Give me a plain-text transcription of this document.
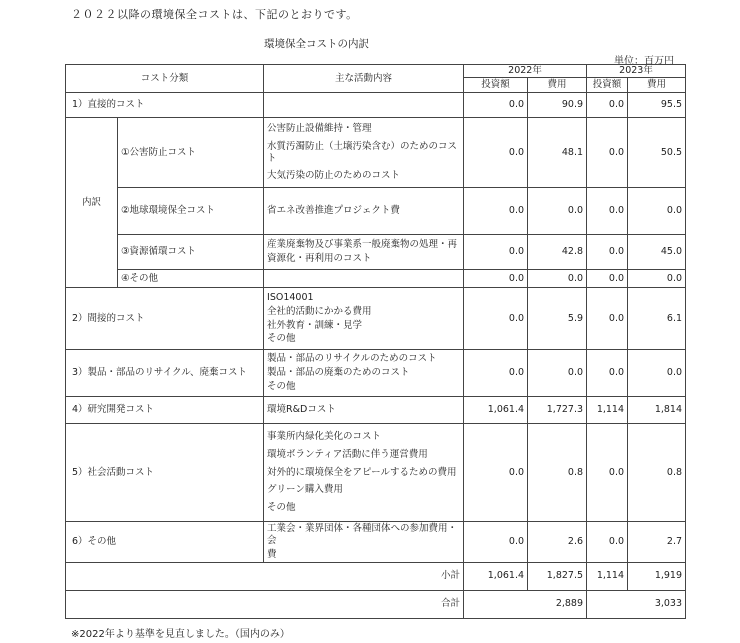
２０２２以降の環境保全コストは、下記のとおりです。
環境保全コストの内訳
単位：百万円
コスト分類		主な活動内容	2022年		2023年	
			投資額	費用	投資額	費用
1）直接的コスト			0.0	90.9	0.0	95.5
内訳	①公害防止コスト	公害防止設備維持・管理
水質汚濁防止（土壌汚染含む）のためのコスト
大気汚染の防止のためのコスト	0.0	48.1	0.0	50.5
	②地球環境保全コスト	省エネ改善推進プロジェクト費	0.0	0.0	0.0	0.0
	③資源循環コスト	産業廃棄物及び事業系一般廃棄物の処理・再
資源化・再利用のコスト	0.0	42.8	0.0	45.0
	④その他		0.0	0.0	0.0	0.0
2）間接的コスト		ISO14001
全社的活動にかかる費用
社外教育・訓練・見学
その他	0.0	5.9	0.0	6.1
3）製品・部品のリサイクル、廃棄コスト		製品・部品のリサイクルのためのコスト
製品・部品の廃棄のためのコスト
その他	0.0	0.0	0.0	0.0
4）研究開発コスト		環境R&Dコスト	1,061.4	1,727.3	1,114	1,814
5）社会活動コスト		事業所内緑化美化のコスト
環境ボランティア活動に伴う運営費用
対外的に環境保全をアピールするための費用
グリーン購入費用
その他	0.0	0.8	0.0	0.8
6）その他		工業会・業界団体・各種団体への参加費用・会
費	0.0	2.6	0.0	2.7
小計			1,061.4	1,827.5	1,114	1,919
合計			2,889		3,033	
※2022年より基準を見直しました。（国内のみ）
